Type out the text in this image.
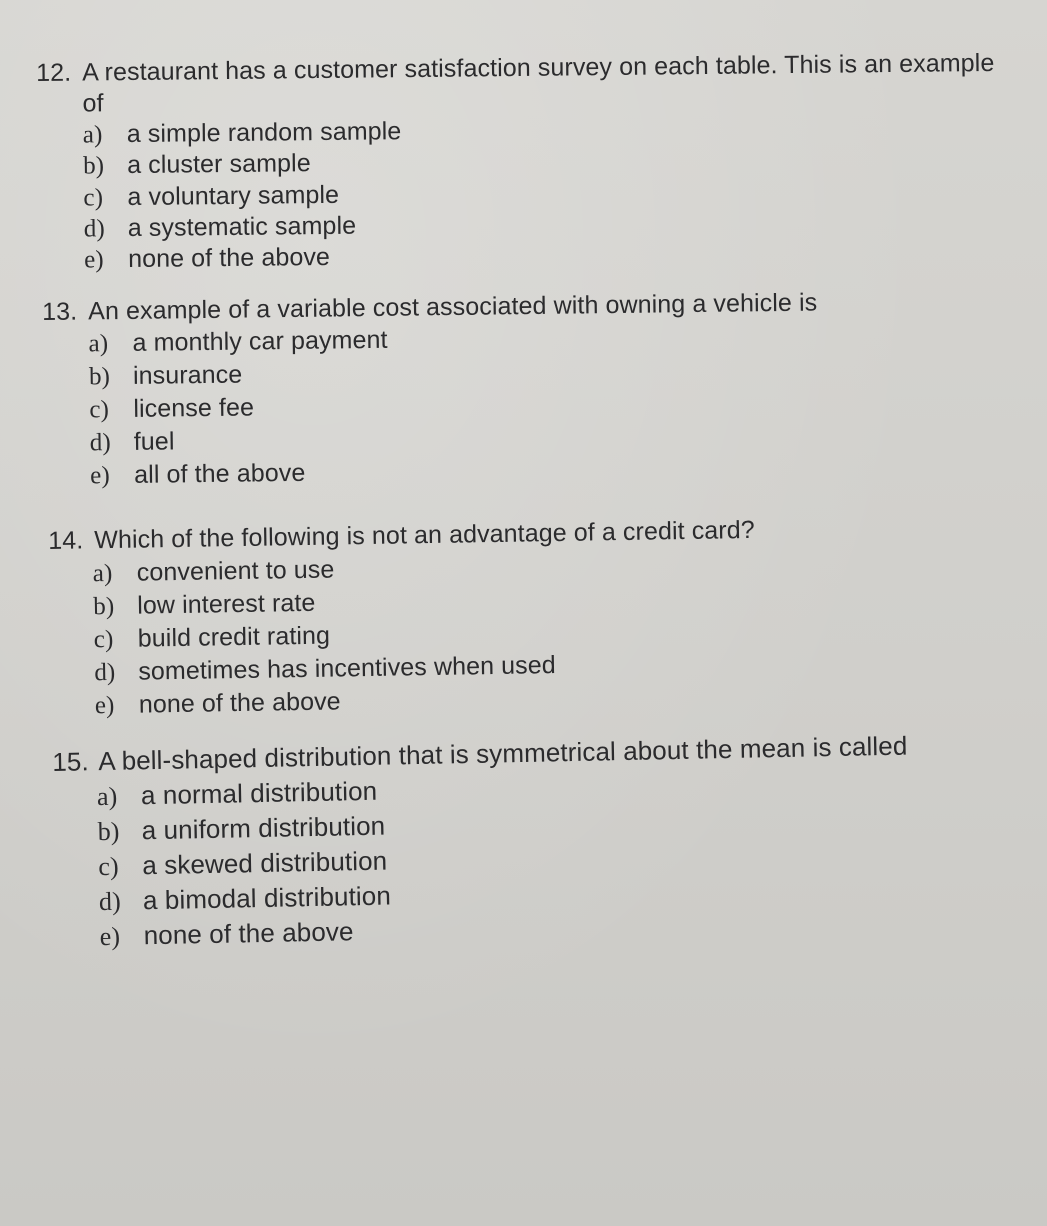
12. A restaurant has a customer satisfaction survey on each table. This is an example of
a) a simple random sample
b) a cluster sample
c) a voluntary sample
d) a systematic sample
e) none of the above
13. An example of a variable cost associated with owning a vehicle is
a) a monthly car payment
b) insurance
c) license fee
d) fuel
e) all of the above
14. Which of the following is not an advantage of a credit card?
a) convenient to use
b) low interest rate
c) build credit rating
d) sometimes has incentives when used
e) none of the above
15. A bell-shaped distribution that is symmetrical about the mean is called
a) a normal distribution
b) a uniform distribution
c) a skewed distribution
d) a bimodal distribution
e) none of the above
